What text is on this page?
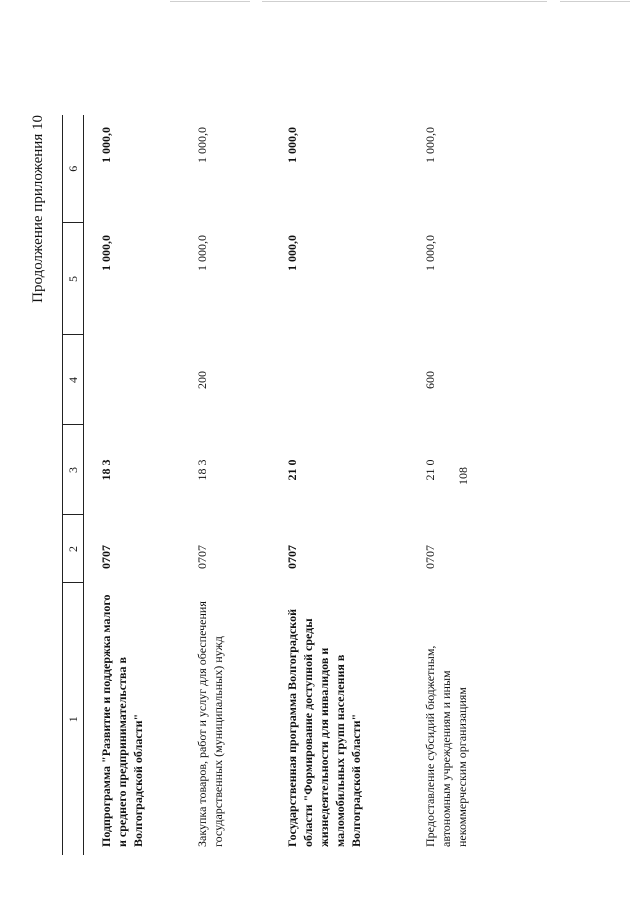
108
Продолжение приложения 10
1	2	3	4	5	6
Подпрограмма "Развитие и поддержка малого и среднего предпринимательства в Волгоградской области"	0707	18 3		1 000,0	1 000,0
Закупка товаров, работ и услуг для обеспечения государственных (муниципальных) нужд	0707	18 3	200	1 000,0	1 000,0
Государственная программа Волгоградской области "Формирование доступной среды жизнедеятельности для инвалидов и маломобильных групп населения в Волгоградской области"	0707	21 0		1 000,0	1 000,0
Предоставление субсидий бюджетным, автономным учреждениям и иным некоммерческим организациям	0707	21 0	600	1 000,0	1 000,0
